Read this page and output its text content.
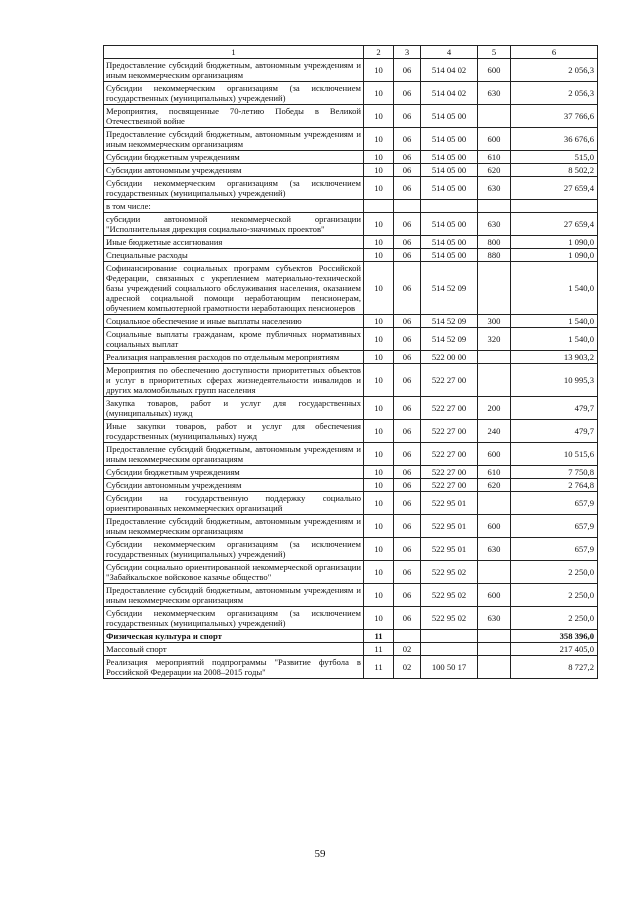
1	2	3	4	5	6
Предоставление субсидий бюджетным, автономным учреждениям и иным некоммерческим организациям	10	06	514 04 02	600	2 056,3
Субсидии некоммерческим организациям (за исключением государственных (муниципальных) учреждений)	10	06	514 04 02	630	2 056,3
Мероприятия, посвященные 70-летию Победы в Великой Отечественной войне	10	06	514 05 00		37 766,6
Предоставление субсидий бюджетным, автономным учреждениям и иным некоммерческим организациям	10	06	514 05 00	600	36 676,6
Субсидии бюджетным учреждениям	10	06	514 05 00	610	515,0
Субсидии автономным учреждениям	10	06	514 05 00	620	8 502,2
Субсидии некоммерческим организациям (за исключением государственных (муниципальных) учреждений)	10	06	514 05 00	630	27 659,4
в том числе:					
субсидии автономной некоммерческой организации "Исполнительная дирекция социально-значимых проектов"	10	06	514 05 00	630	27 659,4
Иные бюджетные ассигнования	10	06	514 05 00	800	1 090,0
Специальные расходы	10	06	514 05 00	880	1 090,0
Софинансирование социальных программ субъектов Российской Федерации, связанных с укреплением материально-технической базы учреждений социального обслуживания населения, оказанием адресной социальной помощи неработающим пенсионерам, обучением компьютерной грамотности неработающих пенсионеров	10	06	514 52 09		1 540,0
Социальное обеспечение и иные выплаты населению	10	06	514 52 09	300	1 540,0
Социальные выплаты гражданам, кроме публичных нормативных социальных выплат	10	06	514 52 09	320	1 540,0
Реализация направления расходов по отдельным мероприятиям	10	06	522 00 00		13 903,2
Мероприятия по обеспечению доступности приоритетных объектов и услуг в приоритетных сферах жизнедеятельности инвалидов и других маломобильных групп населения	10	06	522 27 00		10 995,3
Закупка товаров, работ и услуг для государственных (муниципальных) нужд	10	06	522 27 00	200	479,7
Иные закупки товаров, работ и услуг для обеспечения государственных (муниципальных) нужд	10	06	522 27 00	240	479,7
Предоставление субсидий бюджетным, автономным учреждениям и иным некоммерческим организациям	10	06	522 27 00	600	10 515,6
Субсидии бюджетным учреждениям	10	06	522 27 00	610	7 750,8
Субсидии автономным учреждениям	10	06	522 27 00	620	2 764,8
Субсидии на государственную поддержку социально ориентированных некоммерческих организаций	10	06	522 95 01		657,9
Предоставление субсидий бюджетным, автономным учреждениям и иным некоммерческим организациям	10	06	522 95 01	600	657,9
Субсидии некоммерческим организациям (за исключением государственных (муниципальных) учреждений)	10	06	522 95 01	630	657,9
Субсидии социально ориентированной некоммерческой организации "Забайкальское войсковое казачье общество"	10	06	522 95 02		2 250,0
Предоставление субсидий бюджетным, автономным учреждениям и иным некоммерческим организациям	10	06	522 95 02	600	2 250,0
Субсидии некоммерческим организациям (за исключением государственных (муниципальных) учреждений)	10	06	522 95 02	630	2 250,0
Физическая культура и спорт	11				358 396,0
Массовый спорт	11	02			217 405,0
Реализация мероприятий подпрограммы "Развитие футбола в Российской Федерации на 2008–2015 годы"	11	02	100 50 17		8 727,2
59
